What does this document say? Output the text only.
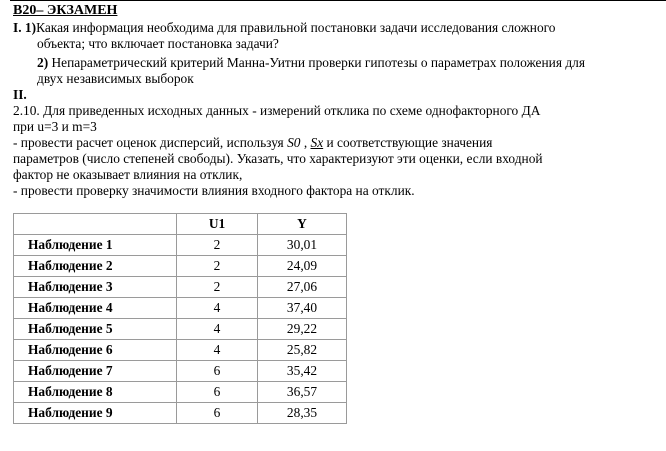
В20– ЭКЗАМЕН

I. 1)Какая информация необходима для правильной постановки задачи исследования сложного

объекта; что включает постановка задачи?

2) Непараметрический критерий Манна-Уитни проверки гипотезы о параметрах положения для

двух независимых выборок

II.

2.10. Для приведенных исходных данных - измерений отклика по схеме однофакторного ДА

при u=3 и m=3

- провести расчет оценок дисперсий, используя S0 , Sx и соответствующие значения

параметров (число степеней свободы). Указать, что характеризуют эти оценки, если входной

фактор не оказывает влияния на отклик,

- провести проверку значимости влияния входного фактора на отклик.

	U1	Y
Наблюдение 1	2	30,01
Наблюдение 2	2	24,09
Наблюдение 3	2	27,06
Наблюдение 4	4	37,40
Наблюдение 5	4	29,22
Наблюдение 6	4	25,82
Наблюдение 7	6	35,42
Наблюдение 8	6	36,57
Наблюдение 9	6	28,35
